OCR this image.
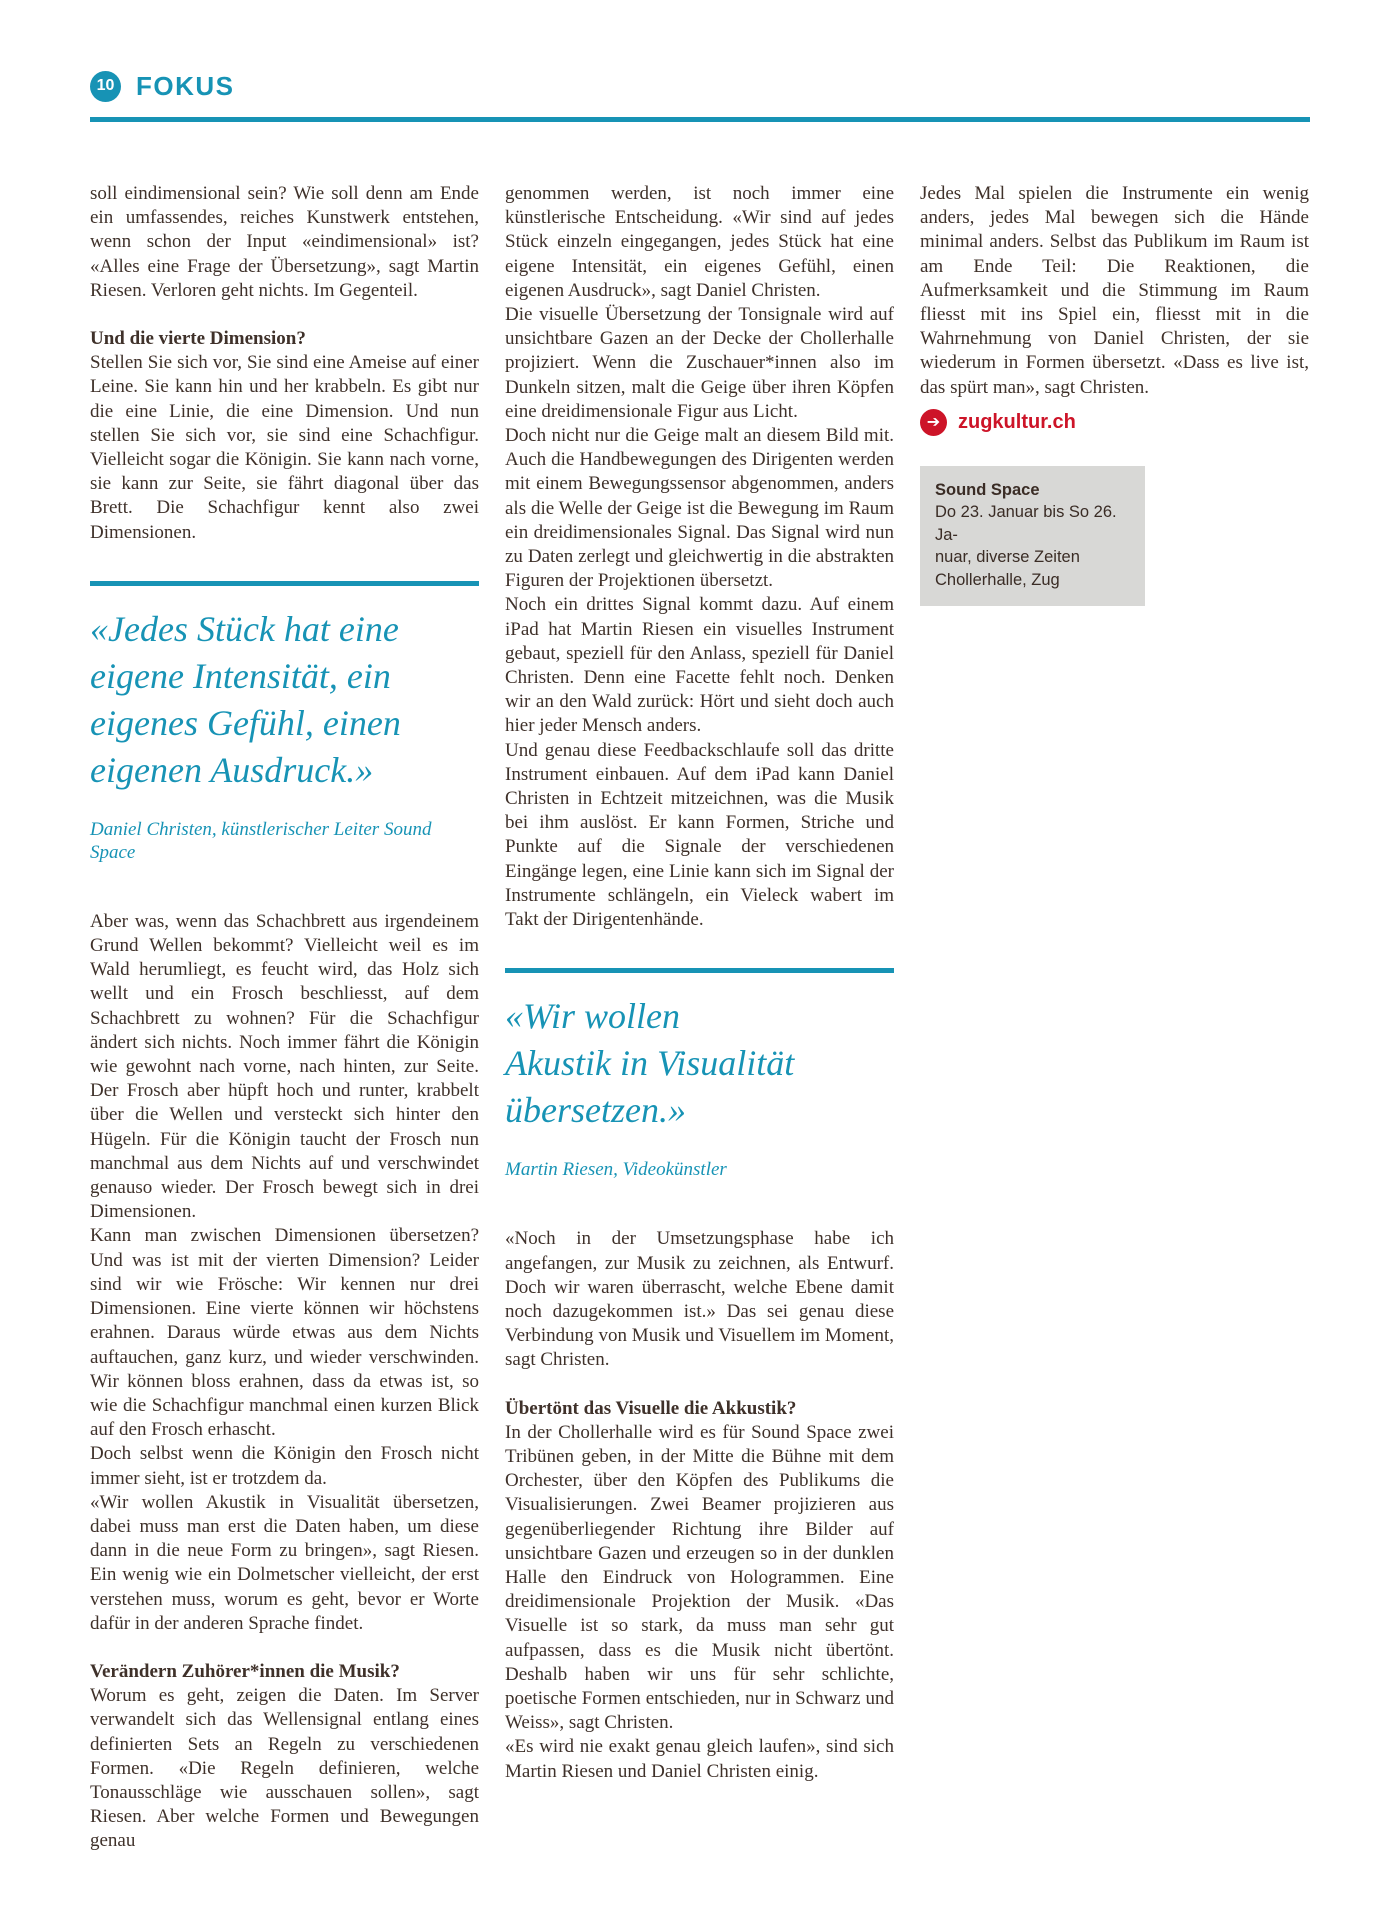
10 FOKUS

soll eindimensional sein? Wie soll denn am Ende ein umfassendes, reiches Kunstwerk entstehen, wenn schon der Input «eindimensional» ist? «Alles eine Frage der Übersetzung», sagt Martin Riesen. Verloren geht nichts. Im Gegenteil.

Und die vierte Dimension?

Stellen Sie sich vor, Sie sind eine Ameise auf einer Leine. Sie kann hin und her krabbeln. Es gibt nur die eine Linie, die eine Dimension. Und nun stellen Sie sich vor, sie sind eine Schachfigur. Vielleicht sogar die Königin. Sie kann nach vorne, sie kann zur Seite, sie fährt diagonal über das Brett. Die Schachfigur kennt also zwei Dimensionen.

«Jedes Stück hat eine
eigene Intensität, ein
eigenes Gefühl, einen
eigenen Ausdruck.»
Daniel Christen, künstlerischer Leiter Sound Space

Aber was, wenn das Schachbrett aus irgendeinem Grund Wellen bekommt? Vielleicht weil es im Wald herumliegt, es feucht wird, das Holz sich wellt und ein Frosch beschliesst, auf dem Schachbrett zu wohnen? Für die Schachfigur ändert sich nichts. Noch immer fährt die Königin wie gewohnt nach vorne, nach hinten, zur Seite. Der Frosch aber hüpft hoch und runter, krabbelt über die Wellen und versteckt sich hinter den Hügeln. Für die Königin taucht der Frosch nun manchmal aus dem Nichts auf und verschwindet genauso wieder. Der Frosch bewegt sich in drei Dimensionen.

Kann man zwischen Dimensionen übersetzen? Und was ist mit der vierten Dimension? Leider sind wir wie Frösche: Wir kennen nur drei Dimensionen. Eine vierte können wir höchstens erahnen. Daraus würde etwas aus dem Nichts auftauchen, ganz kurz, und wieder verschwinden. Wir können bloss erahnen, dass da etwas ist, so wie die Schachfigur manchmal einen kurzen Blick auf den Frosch erhascht.

Doch selbst wenn die Königin den Frosch nicht immer sieht, ist er trotzdem da.

«Wir wollen Akustik in Visualität übersetzen, dabei muss man erst die Daten haben, um diese dann in die neue Form zu bringen», sagt Riesen. Ein wenig wie ein Dolmetscher vielleicht, der erst verstehen muss, worum es geht, bevor er Worte dafür in der anderen Sprache findet.

Verändern Zuhörer*innen die Musik?

Worum es geht, zeigen die Daten. Im Server verwandelt sich das Wellensignal entlang eines definierten Sets an Regeln zu verschiedenen Formen. «Die Regeln definieren, welche Tonausschläge wie ausschauen sollen», sagt Riesen. Aber welche Formen und Bewegungen genau

genommen werden, ist noch immer eine künstlerische Entscheidung. «Wir sind auf jedes Stück einzeln eingegangen, jedes Stück hat eine eigene Intensität, ein eigenes Gefühl, einen eigenen Ausdruck», sagt Daniel Christen.

Die visuelle Übersetzung der Tonsignale wird auf unsichtbare Gazen an der Decke der Chollerhalle projiziert. Wenn die Zuschauer*innen also im Dunkeln sitzen, malt die Geige über ihren Köpfen eine dreidimensionale Figur aus Licht.

Doch nicht nur die Geige malt an diesem Bild mit. Auch die Handbewegungen des Dirigenten werden mit einem Bewegungssensor abgenommen, anders als die Welle der Geige ist die Bewegung im Raum ein dreidimensionales Signal. Das Signal wird nun zu Daten zerlegt und gleichwertig in die abstrakten Figuren der Projektionen übersetzt.

Noch ein drittes Signal kommt dazu. Auf einem iPad hat Martin Riesen ein visuelles Instrument gebaut, speziell für den Anlass, speziell für Daniel Christen. Denn eine Facette fehlt noch. Denken wir an den Wald zurück: Hört und sieht doch auch hier jeder Mensch anders.

Und genau diese Feedbackschlaufe soll das dritte Instrument einbauen. Auf dem iPad kann Daniel Christen in Echtzeit mitzeichnen, was die Musik bei ihm auslöst. Er kann Formen, Striche und Punkte auf die Signale der verschiedenen Eingänge legen, eine Linie kann sich im Signal der Instrumente schlängeln, ein Vieleck wabert im Takt der Dirigentenhände.

«Wir wollen
Akustik in Visualität
übersetzen.»
Martin Riesen, Videokünstler

«Noch in der Umsetzungsphase habe ich angefangen, zur Musik zu zeichnen, als Entwurf. Doch wir waren überrascht, welche Ebene damit noch dazugekommen ist.» Das sei genau diese Verbindung von Musik und Visuellem im Moment, sagt Christen.

Übertönt das Visuelle die Akkustik?

In der Chollerhalle wird es für Sound Space zwei Tribünen geben, in der Mitte die Bühne mit dem Orchester, über den Köpfen des Publikums die Visualisierungen. Zwei Beamer projizieren aus gegenüberliegender Richtung ihre Bilder auf unsichtbare Gazen und erzeugen so in der dunklen Halle den Eindruck von Hologrammen. Eine dreidimensionale Projektion der Musik. «Das Visuelle ist so stark, da muss man sehr gut aufpassen, dass es die Musik nicht übertönt. Deshalb haben wir uns für sehr schlichte, poetische Formen entschieden, nur in Schwarz und Weiss», sagt Christen.

«Es wird nie exakt genau gleich laufen», sind sich Martin Riesen und Daniel Christen einig.

Jedes Mal spielen die Instrumente ein wenig anders, jedes Mal bewegen sich die Hände minimal anders. Selbst das Publikum im Raum ist am Ende Teil: Die Reaktionen, die Aufmerksamkeit und die Stimmung im Raum fliesst mit ins Spiel ein, fliesst mit in die Wahrnehmung von Daniel Christen, der sie wiederum in Formen übersetzt. «Dass es live ist, das spürt man», sagt Christen.

➔ zugkultur.ch
Sound Space
Do 23. Januar bis So 26. Ja-
nuar, diverse Zeiten
Chollerhalle, Zug
